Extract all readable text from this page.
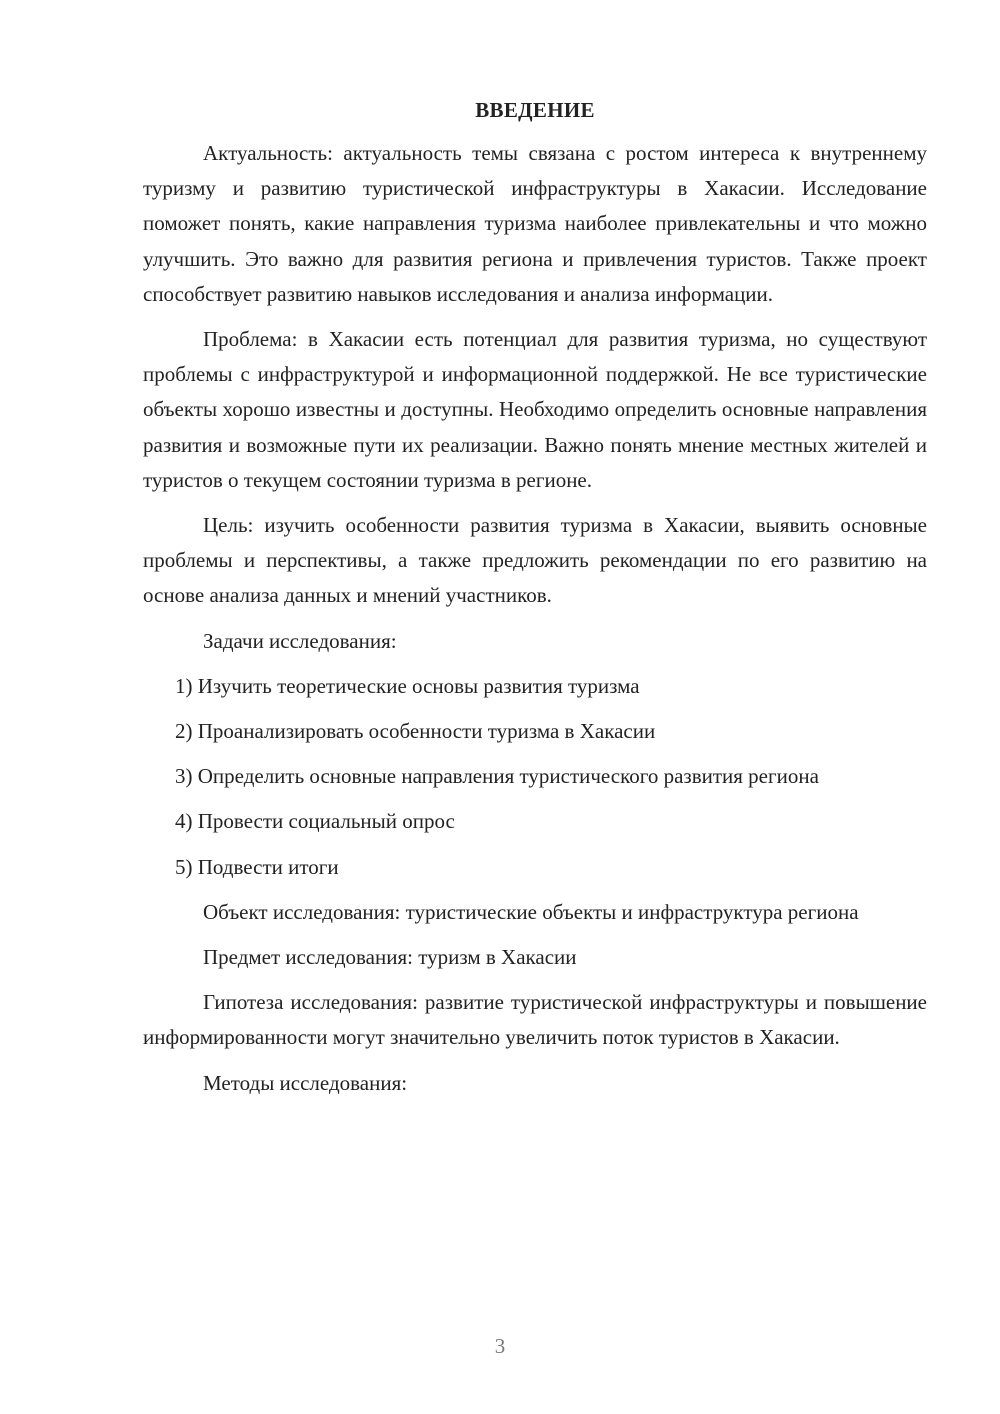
ВВЕДЕНИЕ

Актуальность: актуальность темы связана с ростом интереса к внутреннему туризму и развитию туристической инфраструктуры в Хакасии. Исследование поможет понять, какие направления туризма наиболее привлекательны и что можно улучшить. Это важно для развития региона и привлечения туристов. Также проект способствует развитию навыков исследования и анализа информации.

Проблема: в Хакасии есть потенциал для развития туризма, но существуют проблемы с инфраструктурой и информационной поддержкой. Не все туристические объекты хорошо известны и доступны. Необходимо определить основные направления развития и возможные пути их реализации. Важно понять мнение местных жителей и туристов о текущем состоянии туризма в регионе.

Цель: изучить особенности развития туризма в Хакасии, выявить основные проблемы и перспективы, а также предложить рекомендации по его развитию на основе анализа данных и мнений участников.

Задачи исследования:

1) Изучить теоретические основы развития туризма

2) Проанализировать особенности туризма в Хакасии

3) Определить основные направления туристического развития региона

4) Провести социальный опрос

5) Подвести итоги

Объект исследования: туристические объекты и инфраструктура региона

Предмет исследования: туризм в Хакасии

Гипотеза исследования: развитие туристической инфраструктуры и повышение информированности могут значительно увеличить поток туристов в Хакасии.

Методы исследования:

3
